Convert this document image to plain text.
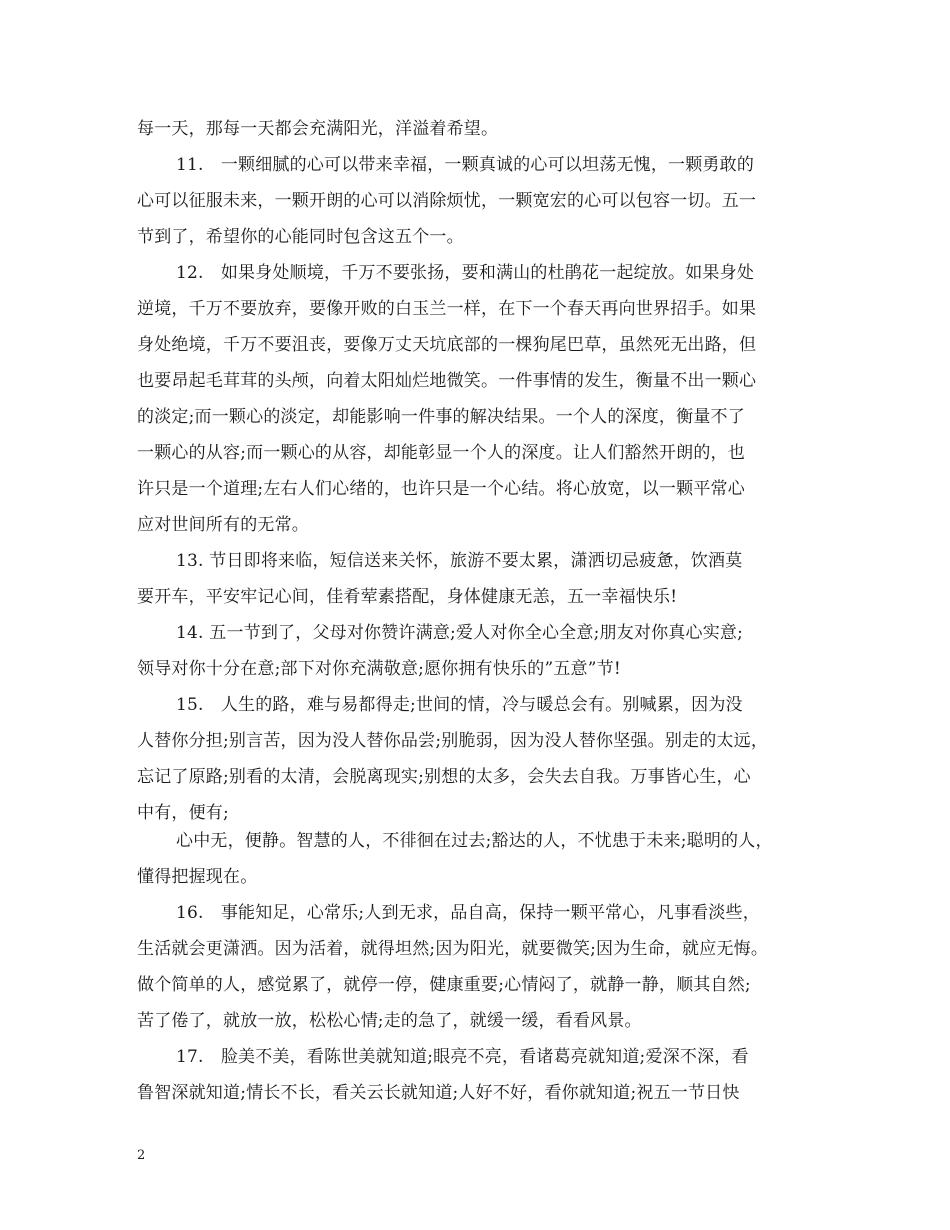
每一天，那每一天都会充满阳光，洋溢着希望。
11.　一颗细腻的心可以带来幸福，一颗真诚的心可以坦荡无愧，一颗勇敢的
心可以征服未来，一颗开朗的心可以消除烦忧，一颗宽宏的心可以包容一切。五一
节到了，希望你的心能同时包含这五个一。
12.　如果身处顺境，千万不要张扬，要和满山的杜鹃花一起绽放。如果身处
逆境，千万不要放弃，要像开败的白玉兰一样，在下一个春天再向世界招手。如果
身处绝境，千万不要沮丧，要像万丈天坑底部的一棵狗尾巴草，虽然死无出路，但
也要昂起毛茸茸的头颅，向着太阳灿烂地微笑。一件事情的发生，衡量不出一颗心
的淡定;而一颗心的淡定，却能影响一件事的解决结果。一个人的深度，衡量不了
一颗心的从容;而一颗心的从容，却能彰显一个人的深度。让人们豁然开朗的，也
许只是一个道理;左右人们心绪的，也许只是一个心结。将心放宽，以一颗平常心
应对世间所有的无常。
13. 节日即将来临，短信送来关怀，旅游不要太累，潇洒切忌疲惫，饮酒莫
要开车，平安牢记心间，佳肴荤素搭配，身体健康无恙，五一幸福快乐!
14. 五一节到了，父母对你赞许满意;爱人对你全心全意;朋友对你真心实意;
领导对你十分在意;部下对你充满敬意;愿你拥有快乐的”五意”节!
15.　人生的路，难与易都得走;世间的情，冷与暖总会有。别喊累，因为没
人替你分担;别言苦，因为没人替你品尝;别脆弱，因为没人替你坚强。别走的太远，
忘记了原路;别看的太清，会脱离现实;别想的太多，会失去自我。万事皆心生，心
中有，便有;
心中无，便静。智慧的人，不徘徊在过去;豁达的人，不忧患于未来;聪明的人，
懂得把握现在。
16.　事能知足，心常乐;人到无求，品自高，保持一颗平常心，凡事看淡些，
生活就会更潇洒。因为活着，就得坦然;因为阳光，就要微笑;因为生命，就应无悔。
做个简单的人，感觉累了，就停一停，健康重要;心情闷了，就静一静，顺其自然;
苦了倦了，就放一放，松松心情;走的急了，就缓一缓，看看风景。
17.　脸美不美，看陈世美就知道;眼亮不亮，看诸葛亮就知道;爱深不深，看
鲁智深就知道;情长不长，看关云长就知道;人好不好，看你就知道;祝五一节日快
2
